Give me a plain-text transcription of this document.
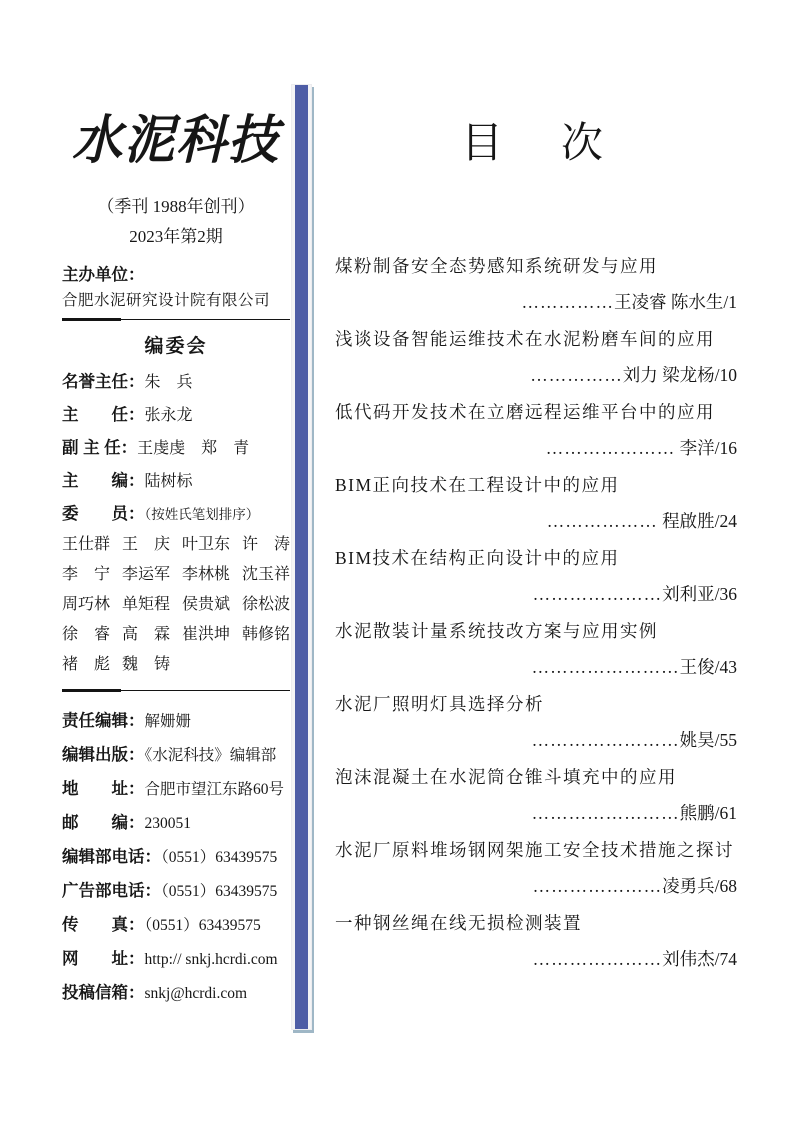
水泥科技
（季刊 1988年创刊）
2023年第2期
主办单位：
合肥水泥研究设计院有限公司
编委会
名誉主任：朱　兵
主　　任：张永龙
副 主 任：王虔虔　郑　青
主　　编：陆树标
委　　员：（按姓氏笔划排序）
王仕群 王　庆 叶卫东 许　涛
李　宁 李运军 李林桃 沈玉祥
周巧林 单矩程 侯贵斌 徐松波
徐　睿 高　霖 崔洪坤 韩修铭
褚　彪 魏　铸
责任编辑：解姗姗
编辑出版：《水泥科技》编辑部
地　　址：合肥市望江东路60号
邮　　编：230051
编辑部电话：（0551）63439575
广告部电话：（0551）63439575
传　　真：（0551）63439575
网　　址：http:// snkj.hcrdi.com
投稿信箱：snkj@hcrdi.com
目　次
煤粉制备安全态势感知系统研发与应用
……………王凌睿 陈水生/1
浅谈设备智能运维技术在水泥粉磨车间的应用
……………刘力 梁龙杨/10
低代码开发技术在立磨远程运维平台中的应用
………………… 李洋/16
BIM正向技术在工程设计中的应用
……………… 程啟胜/24
BIM技术在结构正向设计中的应用
…………………刘利亚/36
水泥散装计量系统技改方案与应用实例
……………………王俊/43
水泥厂照明灯具选择分析
……………………姚昊/55
泡沫混凝土在水泥筒仓锥斗填充中的应用
……………………熊鹏/61
水泥厂原料堆场钢网架施工安全技术措施之探讨
…………………凌勇兵/68
一种钢丝绳在线无损检测装置
…………………刘伟杰/74
